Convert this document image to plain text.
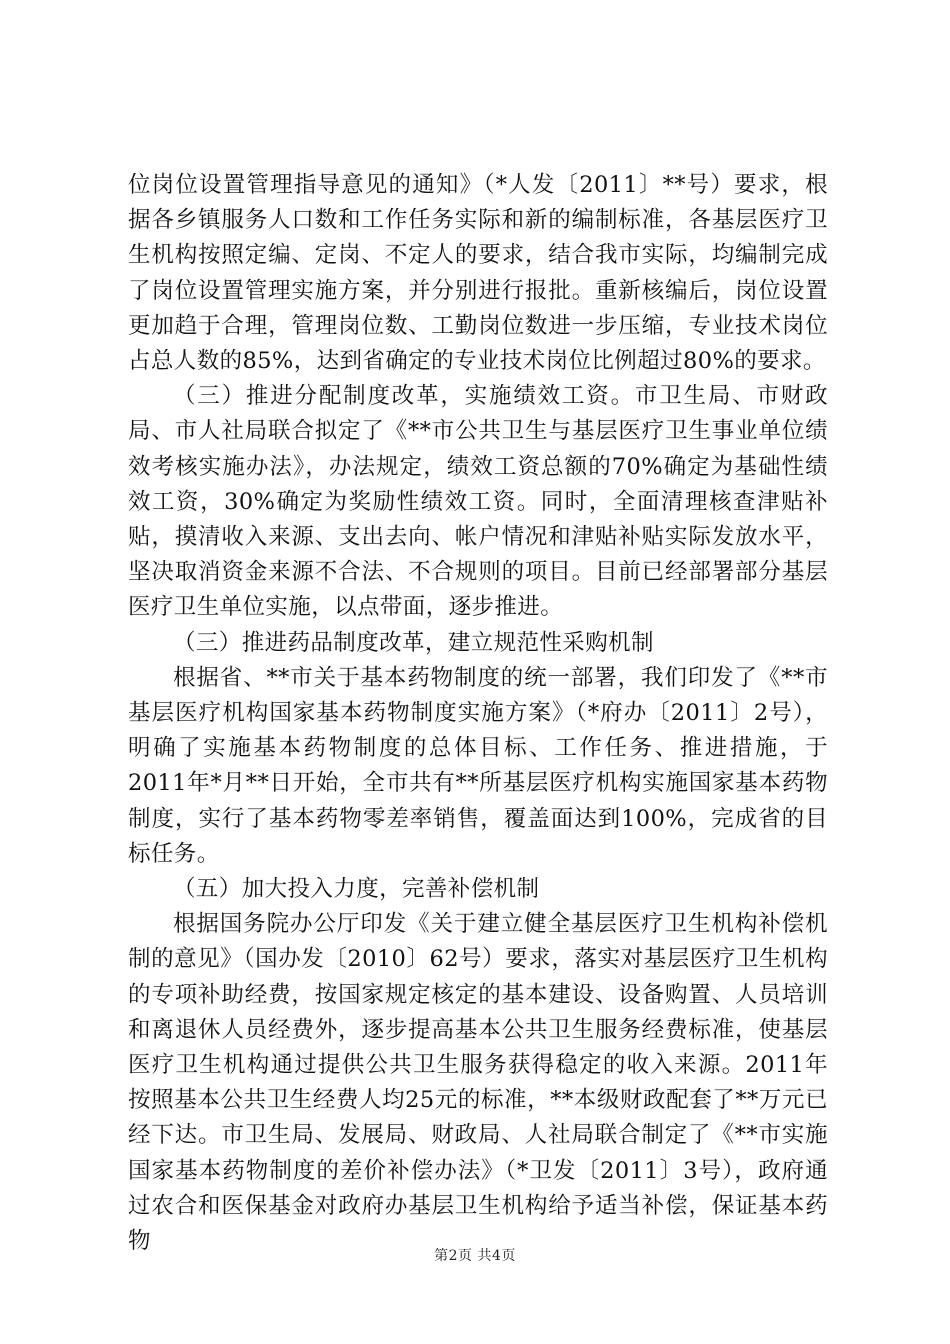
位岗位设置管理指导意见的通知》（*人发〔2011〕**号）要求，根据各乡镇服务人口数和工作任务实际和新的编制标准，各基层医疗卫生机构按照定编、定岗、不定人的要求，结合我市实际，均编制完成了岗位设置管理实施方案，并分别进行报批。重新核编后，岗位设置更加趋于合理，管理岗位数、工勤岗位数进一步压缩，专业技术岗位占总人数的85%，达到省确定的专业技术岗位比例超过80%的要求。

（三）推进分配制度改革，实施绩效工资。市卫生局、市财政局、市人社局联合拟定了《**市公共卫生与基层医疗卫生事业单位绩效考核实施办法》，办法规定，绩效工资总额的70%确定为基础性绩效工资，30%确定为奖励性绩效工资。同时，全面清理核查津贴补贴，摸清收入来源、支出去向、帐户情况和津贴补贴实际发放水平，坚决取消资金来源不合法、不合规则的项目。目前已经部署部分基层医疗卫生单位实施，以点带面，逐步推进。

（三）推进药品制度改革，建立规范性采购机制

根据省、**市关于基本药物制度的统一部署，我们印发了《**市基层医疗机构国家基本药物制度实施方案》（*府办〔2011〕2号），明确了实施基本药物制度的总体目标、工作任务、推进措施，于2011年*月**日开始，全市共有**所基层医疗机构实施国家基本药物制度，实行了基本药物零差率销售，覆盖面达到100%，完成省的目标任务。

（五）加大投入力度，完善补偿机制

根据国务院办公厅印发《关于建立健全基层医疗卫生机构补偿机制的意见》（国办发〔2010〕62号）要求，落实对基层医疗卫生机构的专项补助经费，按国家规定核定的基本建设、设备购置、人员培训和离退休人员经费外，逐步提高基本公共卫生服务经费标准，使基层医疗卫生机构通过提供公共卫生服务获得稳定的收入来源。2011年按照基本公共卫生经费人均25元的标准，**本级财政配套了**万元已经下达。市卫生局、发展局、财政局、人社局联合制定了《**市实施国家基本药物制度的差价补偿办法》（*卫发〔2011〕3号），政府通过农合和医保基金对政府办基层卫生机构给予适当补偿，保证基本药物

第2页 共4页
